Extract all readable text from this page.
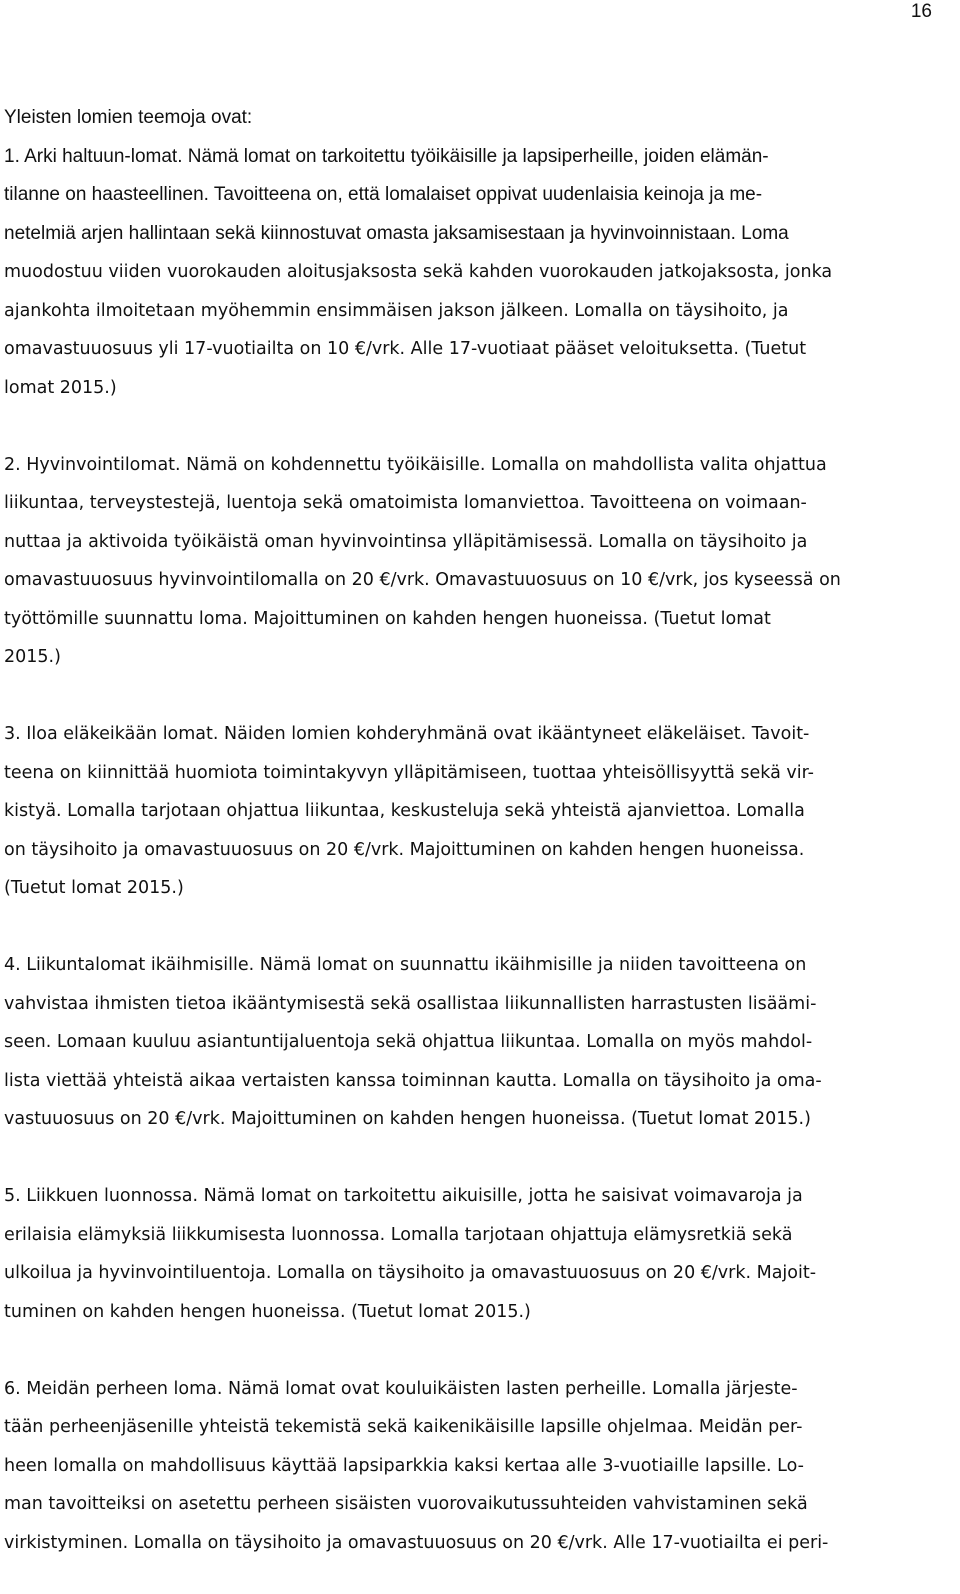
16
Yleisten lomien teemoja ovat:
1. Arki haltuun-lomat. Nämä lomat on tarkoitettu työikäisille ja lapsiperheille, joiden elämän-
tilanne on haasteellinen. Tavoitteena on, että lomalaiset oppivat uudenlaisia keinoja ja me-
netelmiä arjen hallintaan sekä kiinnostuvat omasta jaksamisestaan ja hyvinvoinnistaan. Loma
muodostuu viiden vuorokauden aloitusjaksosta sekä kahden vuorokauden jatkojaksosta, jonka
ajankohta ilmoitetaan myöhemmin ensimmäisen jakson jälkeen. Lomalla on täysihoito, ja
omavastuuosuus yli 17-vuotiailta on 10 €/vrk. Alle 17-vuotiaat pääset veloituksetta. (Tuetut
lomat 2015.)
2. Hyvinvointilomat. Nämä on kohdennettu työikäisille. Lomalla on mahdollista valita ohjattua
liikuntaa, terveystestejä, luentoja sekä omatoimista lomanviettoa. Tavoitteena on voimaan-
nuttaa ja aktivoida työikäistä oman hyvinvointinsa ylläpitämisessä. Lomalla on täysihoito ja
omavastuuosuus hyvinvointilomalla on 20 €/vrk. Omavastuuosuus on 10 €/vrk, jos kyseessä on
työttömille suunnattu loma. Majoittuminen on kahden hengen huoneissa. (Tuetut lomat
2015.)
3. Iloa eläkeikään lomat. Näiden lomien kohderyhmänä ovat ikääntyneet eläkeläiset. Tavoit-
teena on kiinnittää huomiota toimintakyvyn ylläpitämiseen, tuottaa yhteisöllisyyttä sekä vir-
kistyä. Lomalla tarjotaan ohjattua liikuntaa, keskusteluja sekä yhteistä ajanviettoa. Lomalla
on täysihoito ja omavastuuosuus on 20 €/vrk. Majoittuminen on kahden hengen huoneissa.
(Tuetut lomat 2015.)
4. Liikuntalomat ikäihmisille. Nämä lomat on suunnattu ikäihmisille ja niiden tavoitteena on
vahvistaa ihmisten tietoa ikääntymisestä sekä osallistaa liikunnallisten harrastusten lisäämi-
seen. Lomaan kuuluu asiantuntijaluentoja sekä ohjattua liikuntaa. Lomalla on myös mahdol-
lista viettää yhteistä aikaa vertaisten kanssa toiminnan kautta. Lomalla on täysihoito ja oma-
vastuuosuus on 20 €/vrk. Majoittuminen on kahden hengen huoneissa. (Tuetut lomat 2015.)
5. Liikkuen luonnossa. Nämä lomat on tarkoitettu aikuisille, jotta he saisivat voimavaroja ja
erilaisia elämyksiä liikkumisesta luonnossa. Lomalla tarjotaan ohjattuja elämysretkiä sekä
ulkoilua ja hyvinvointiluentoja. Lomalla on täysihoito ja omavastuuosuus on 20 €/vrk. Majoit-
tuminen on kahden hengen huoneissa. (Tuetut lomat 2015.)
6. Meidän perheen loma. Nämä lomat ovat kouluikäisten lasten perheille. Lomalla järjeste-
tään perheenjäsenille yhteistä tekemistä sekä kaikenikäisille lapsille ohjelmaa. Meidän per-
heen lomalla on mahdollisuus käyttää lapsiparkkia kaksi kertaa alle 3-vuotiaille lapsille. Lo-
man tavoitteiksi on asetettu perheen sisäisten vuorovaikutussuhteiden vahvistaminen sekä
virkistyminen. Lomalla on täysihoito ja omavastuuosuus on 20 €/vrk. Alle 17-vuotiailta ei peri-
